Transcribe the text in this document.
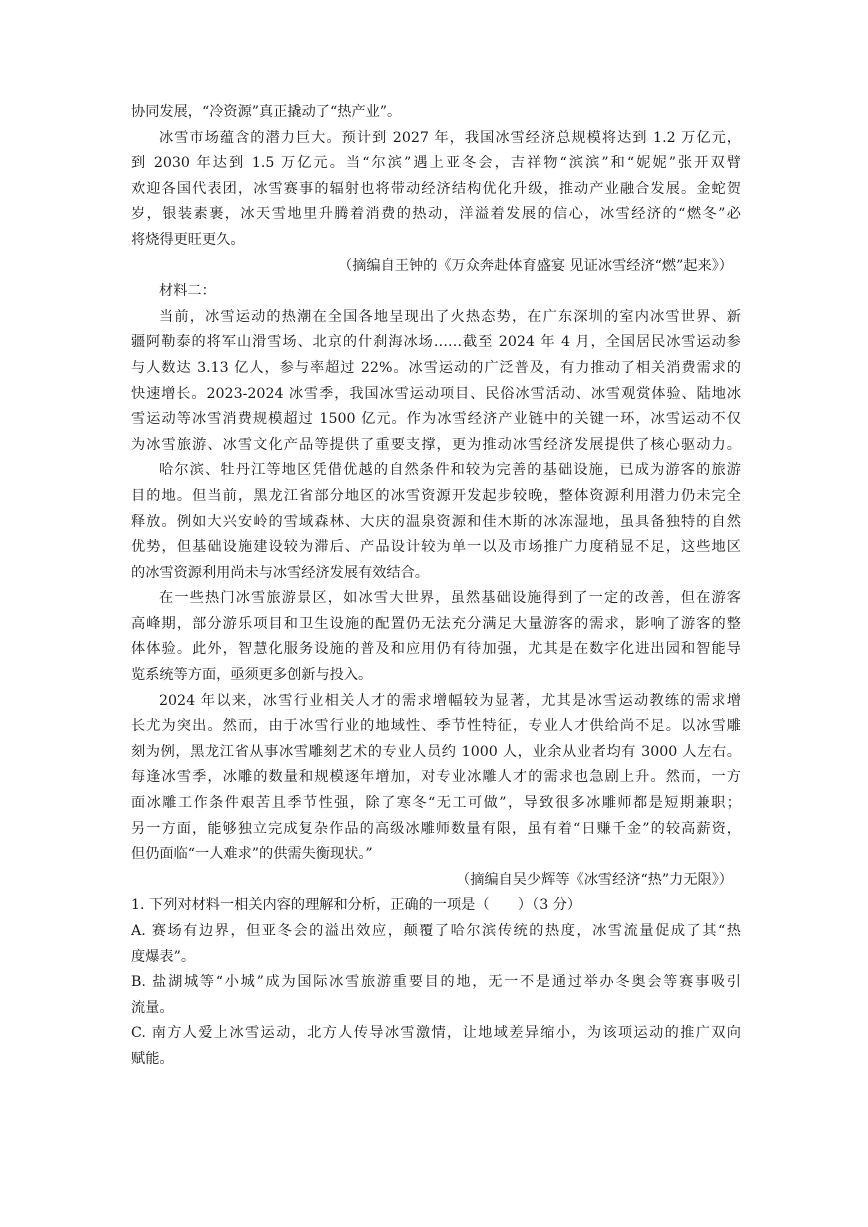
协同发展，“冷资源”真正撬动了“热产业”。
冰雪市场蕴含的潜力巨大。预计到 2027 年，我国冰雪经济总规模将达到 1.2 万亿元，
到 2030 年达到 1.5 万亿元。当“尔滨”遇上亚冬会，吉祥物“滨滨”和“妮妮”张开双臂
欢迎各国代表团，冰雪赛事的辐射也将带动经济结构优化升级，推动产业融合发展。金蛇贺
岁，银装素裹，冰天雪地里升腾着消费的热动，洋溢着发展的信心，冰雪经济的“燃冬”必
将烧得更旺更久。
（摘编自王钟的《万众奔赴体育盛宴 见证冰雪经济“燃”起来》）
材料二：
当前，冰雪运动的热潮在全国各地呈现出了火热态势，在广东深圳的室内冰雪世界、新
疆阿勒泰的将军山滑雪场、北京的什刹海冰场……截至 2024 年 4 月，全国居民冰雪运动参
与人数达 3.13 亿人，参与率超过 22%。冰雪运动的广泛普及，有力推动了相关消费需求的
快速增长。2023-2024 冰雪季，我国冰雪运动项目、民俗冰雪活动、冰雪观赏体验、陆地冰
雪运动等冰雪消费规模超过 1500 亿元。作为冰雪经济产业链中的关键一环，冰雪运动不仅
为冰雪旅游、冰雪文化产品等提供了重要支撑，更为推动冰雪经济发展提供了核心驱动力。
哈尔滨、牡丹江等地区凭借优越的自然条件和较为完善的基础设施，已成为游客的旅游
目的地。但当前，黑龙江省部分地区的冰雪资源开发起步较晚，整体资源利用潜力仍未完全
释放。例如大兴安岭的雪域森林、大庆的温泉资源和佳木斯的冰冻湿地，虽具备独特的自然
优势，但基础设施建设较为滞后、产品设计较为单一以及市场推广力度稍显不足，这些地区
的冰雪资源利用尚未与冰雪经济发展有效结合。
在一些热门冰雪旅游景区，如冰雪大世界，虽然基础设施得到了一定的改善，但在游客
高峰期，部分游乐项目和卫生设施的配置仍无法充分满足大量游客的需求，影响了游客的整
体体验。此外，智慧化服务设施的普及和应用仍有待加强，尤其是在数字化进出园和智能导
览系统等方面，亟须更多创新与投入。
2024 年以来，冰雪行业相关人才的需求增幅较为显著，尤其是冰雪运动教练的需求增
长尤为突出。然而，由于冰雪行业的地域性、季节性特征，专业人才供给尚不足。以冰雪雕
刻为例，黑龙江省从事冰雪雕刻艺术的专业人员约 1000 人，业余从业者均有 3000 人左右。
每逢冰雪季，冰雕的数量和规模逐年增加，对专业冰雕人才的需求也急剧上升。然而，一方
面冰雕工作条件艰苦且季节性强，除了寒冬“无工可做”，导致很多冰雕师都是短期兼职；
另一方面，能够独立完成复杂作品的高级冰雕师数量有限，虽有着“日赚千金”的较高薪资，
但仍面临“一人难求”的供需失衡现状。”
（摘编自吴少辉等《冰雪经济“热”力无限》）
1. 下列对材料一相关内容的理解和分析，正确的一项是（　　）（3 分）
A. 赛场有边界，但亚冬会的溢出效应，颠覆了哈尔滨传统的热度，冰雪流量促成了其“热
度爆表”。
B. 盐湖城等“小城”成为国际冰雪旅游重要目的地，无一不是通过举办冬奥会等赛事吸引
流量。
C. 南方人爱上冰雪运动，北方人传导冰雪激情，让地域差异缩小，为该项运动的推广双向
赋能。
